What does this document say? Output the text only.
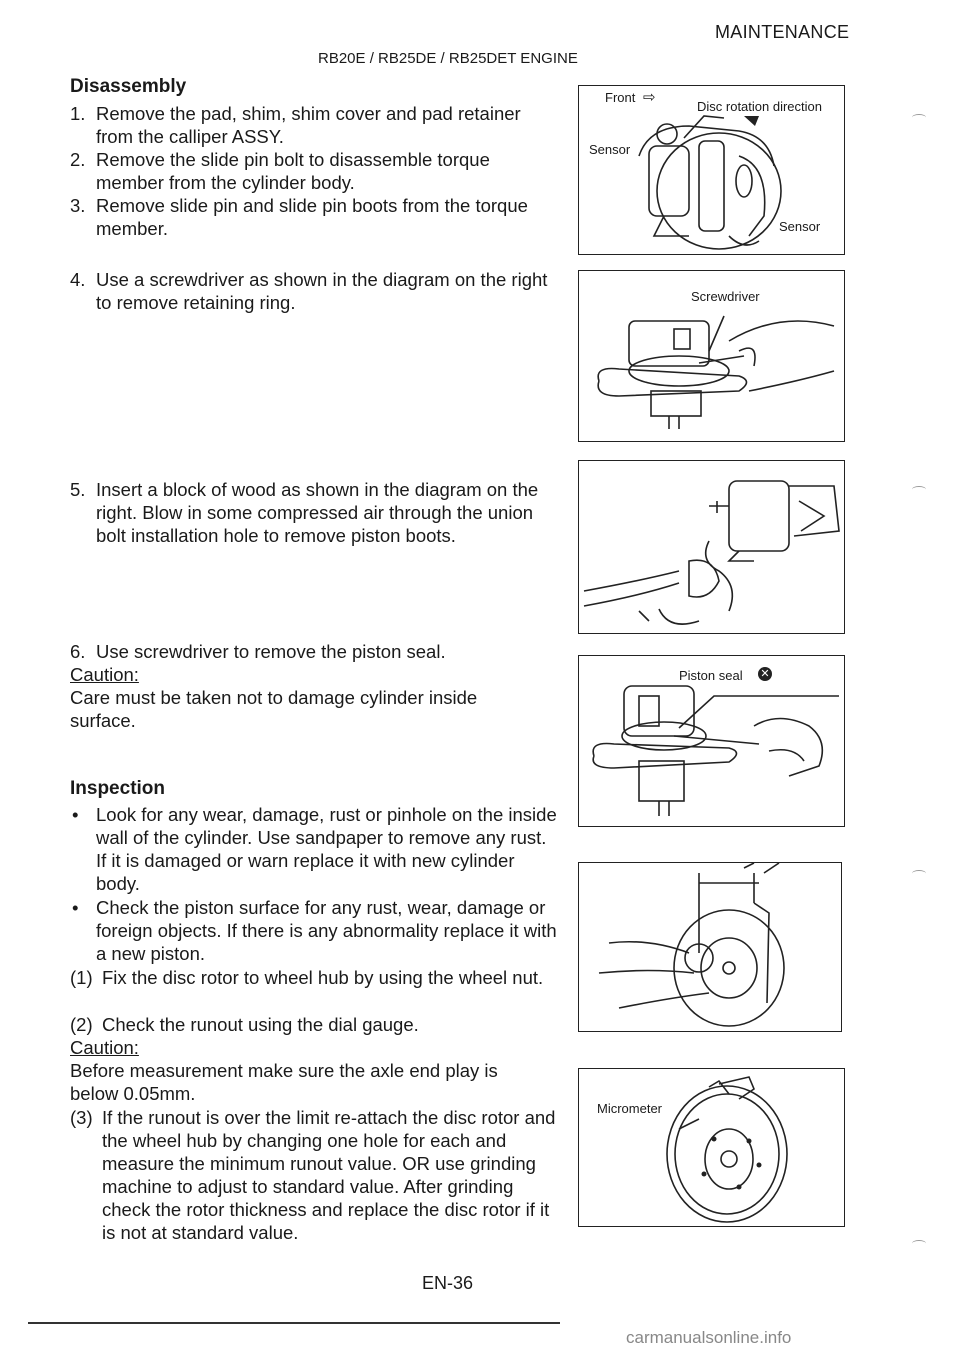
MAINTENANCE
RB20E / RB25DE / RB25DET ENGINE
Disassembly
1. Remove the pad, shim, shim cover and pad retainer from the calliper ASSY.
2. Remove the slide pin bolt to disassemble torque member from the cylinder body.
3. Remove slide pin and slide pin boots from the torque member.
4. Use a screwdriver as shown in the diagram on the right to remove retaining ring.
5. Insert a block of wood as shown in the diagram on the right. Blow in some compressed air through the union bolt installation hole to remove piston boots.
6. Use screwdriver to remove the piston seal.
Caution:
Care must be taken not to damage cylinder inside surface.
Inspection
• Look for any wear, damage, rust or pinhole on the inside wall of the cylinder. Use sandpaper to remove any rust. If it is damaged or warn replace it with new cylinder body.
• Check the piston surface for any rust, wear, damage or foreign objects. If there is any abnormality replace it with a new piston.
(1) Fix the disc rotor to wheel hub by using the wheel nut.
(2) Check the runout using the dial gauge.
Caution:
Before measurement make sure the axle end play is below 0.05mm.
(3) If the runout is over the limit re-attach the disc rotor and the wheel hub by changing one hole for each and measure the minimum runout value. OR use grinding machine to adjust to standard value. After grinding check the rotor thickness and replace the disc rotor if it is not at standard value.
Front ⇨
Disc rotation direction
Sensor
Sensor
Screwdriver
Piston seal ✕
Micrometer
EN-36
carmanualsonline.info
